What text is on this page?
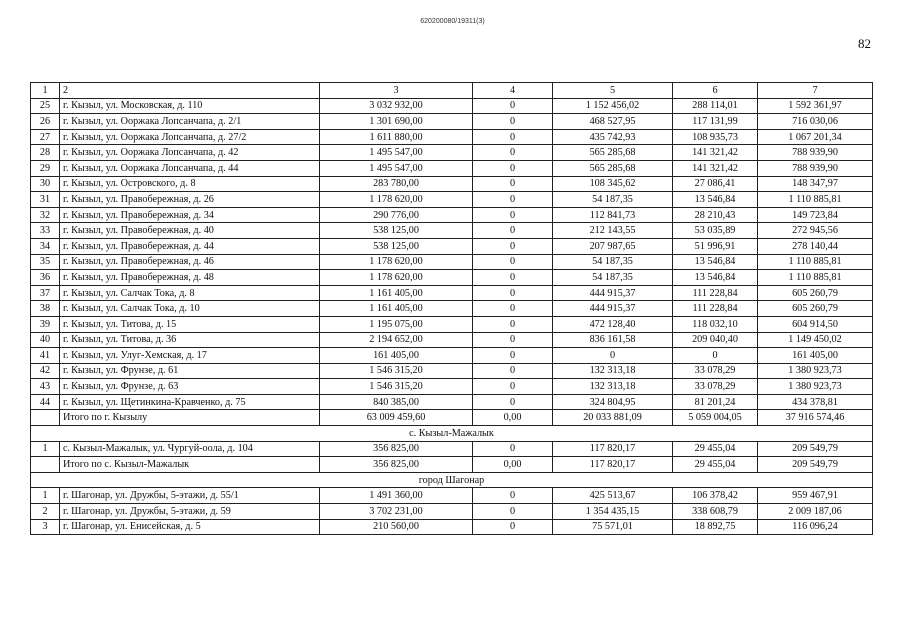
620200080/19311(3)
82
1	2	3	4	5	6	7
25	г. Кызыл, ул. Московская, д. 110	3 032 932,00	0	1 152 456,02	288 114,01	1 592 361,97
26	г. Кызыл, ул. Ооржака Лопсанчапа, д. 2/1	1 301 690,00	0	468 527,95	117 131,99	716 030,06
27	г. Кызыл, ул. Ооржака Лопсанчапа, д. 27/2	1 611 880,00	0	435 742,93	108 935,73	1 067 201,34
28	г. Кызыл, ул. Ооржака Лопсанчапа, д. 42	1 495 547,00	0	565 285,68	141 321,42	788 939,90
29	г. Кызыл, ул. Ооржака Лопсанчапа, д. 44	1 495 547,00	0	565 285,68	141 321,42	788 939,90
30	г. Кызыл, ул. Островского, д. 8	283 780,00	0	108 345,62	27 086,41	148 347,97
31	г. Кызыл, ул. Правобережная, д. 26	1 178 620,00	0	54 187,35	13 546,84	1 110 885,81
32	г. Кызыл, ул. Правобережная, д. 34	290 776,00	0	112 841,73	28 210,43	149 723,84
33	г. Кызыл, ул. Правобережная, д. 40	538 125,00	0	212 143,55	53 035,89	272 945,56
34	г. Кызыл, ул. Правобережная, д. 44	538 125,00	0	207 987,65	51 996,91	278 140,44
35	г. Кызыл, ул. Правобережная, д. 46	1 178 620,00	0	54 187,35	13 546,84	1 110 885,81
36	г. Кызыл, ул. Правобережная, д. 48	1 178 620,00	0	54 187,35	13 546,84	1 110 885,81
37	г. Кызыл, ул. Салчак Тока, д. 8	1 161 405,00	0	444 915,37	111 228,84	605 260,79
38	г. Кызыл, ул. Салчак Тока, д. 10	1 161 405,00	0	444 915,37	111 228,84	605 260,79
39	г. Кызыл, ул. Титова, д. 15	1 195 075,00	0	472 128,40	118 032,10	604 914,50
40	г. Кызыл, ул. Титова, д. 36	2 194 652,00	0	836 161,58	209 040,40	1 149 450,02
41	г. Кызыл, ул. Улуг-Хемская, д. 17	161 405,00	0	0	0	161 405,00
42	г. Кызыл, ул. Фрунзе, д. 61	1 546 315,20	0	132 313,18	33 078,29	1 380 923,73
43	г. Кызыл, ул. Фрунзе, д. 63	1 546 315,20	0	132 313,18	33 078,29	1 380 923,73
44	г. Кызыл, ул. Щетинкина-Кравченко, д. 75	840 385,00	0	324 804,95	81 201,24	434 378,81
	Итого по г. Кызылу	63 009 459,60	0,00	20 033 881,09	5 059 004,05	37 916 574,46
с. Кызыл-Мажалык						
1	с. Кызыл-Мажалык, ул. Чургуй-оола, д. 104	356 825,00	0	117 820,17	29 455,04	209 549,79
	Итого по с. Кызыл-Мажалык	356 825,00	0,00	117 820,17	29 455,04	209 549,79
город Шагонар						
1	г. Шагонар, ул. Дружбы, 5-этажи, д. 55/1	1 491 360,00	0	425 513,67	106 378,42	959 467,91
2	г. Шагонар, ул. Дружбы, 5-этажи, д. 59	3 702 231,00	0	1 354 435,15	338 608,79	2 009 187,06
3	г. Шагонар, ул. Енисейская, д. 5	210 560,00	0	75 571,01	18 892,75	116 096,24
